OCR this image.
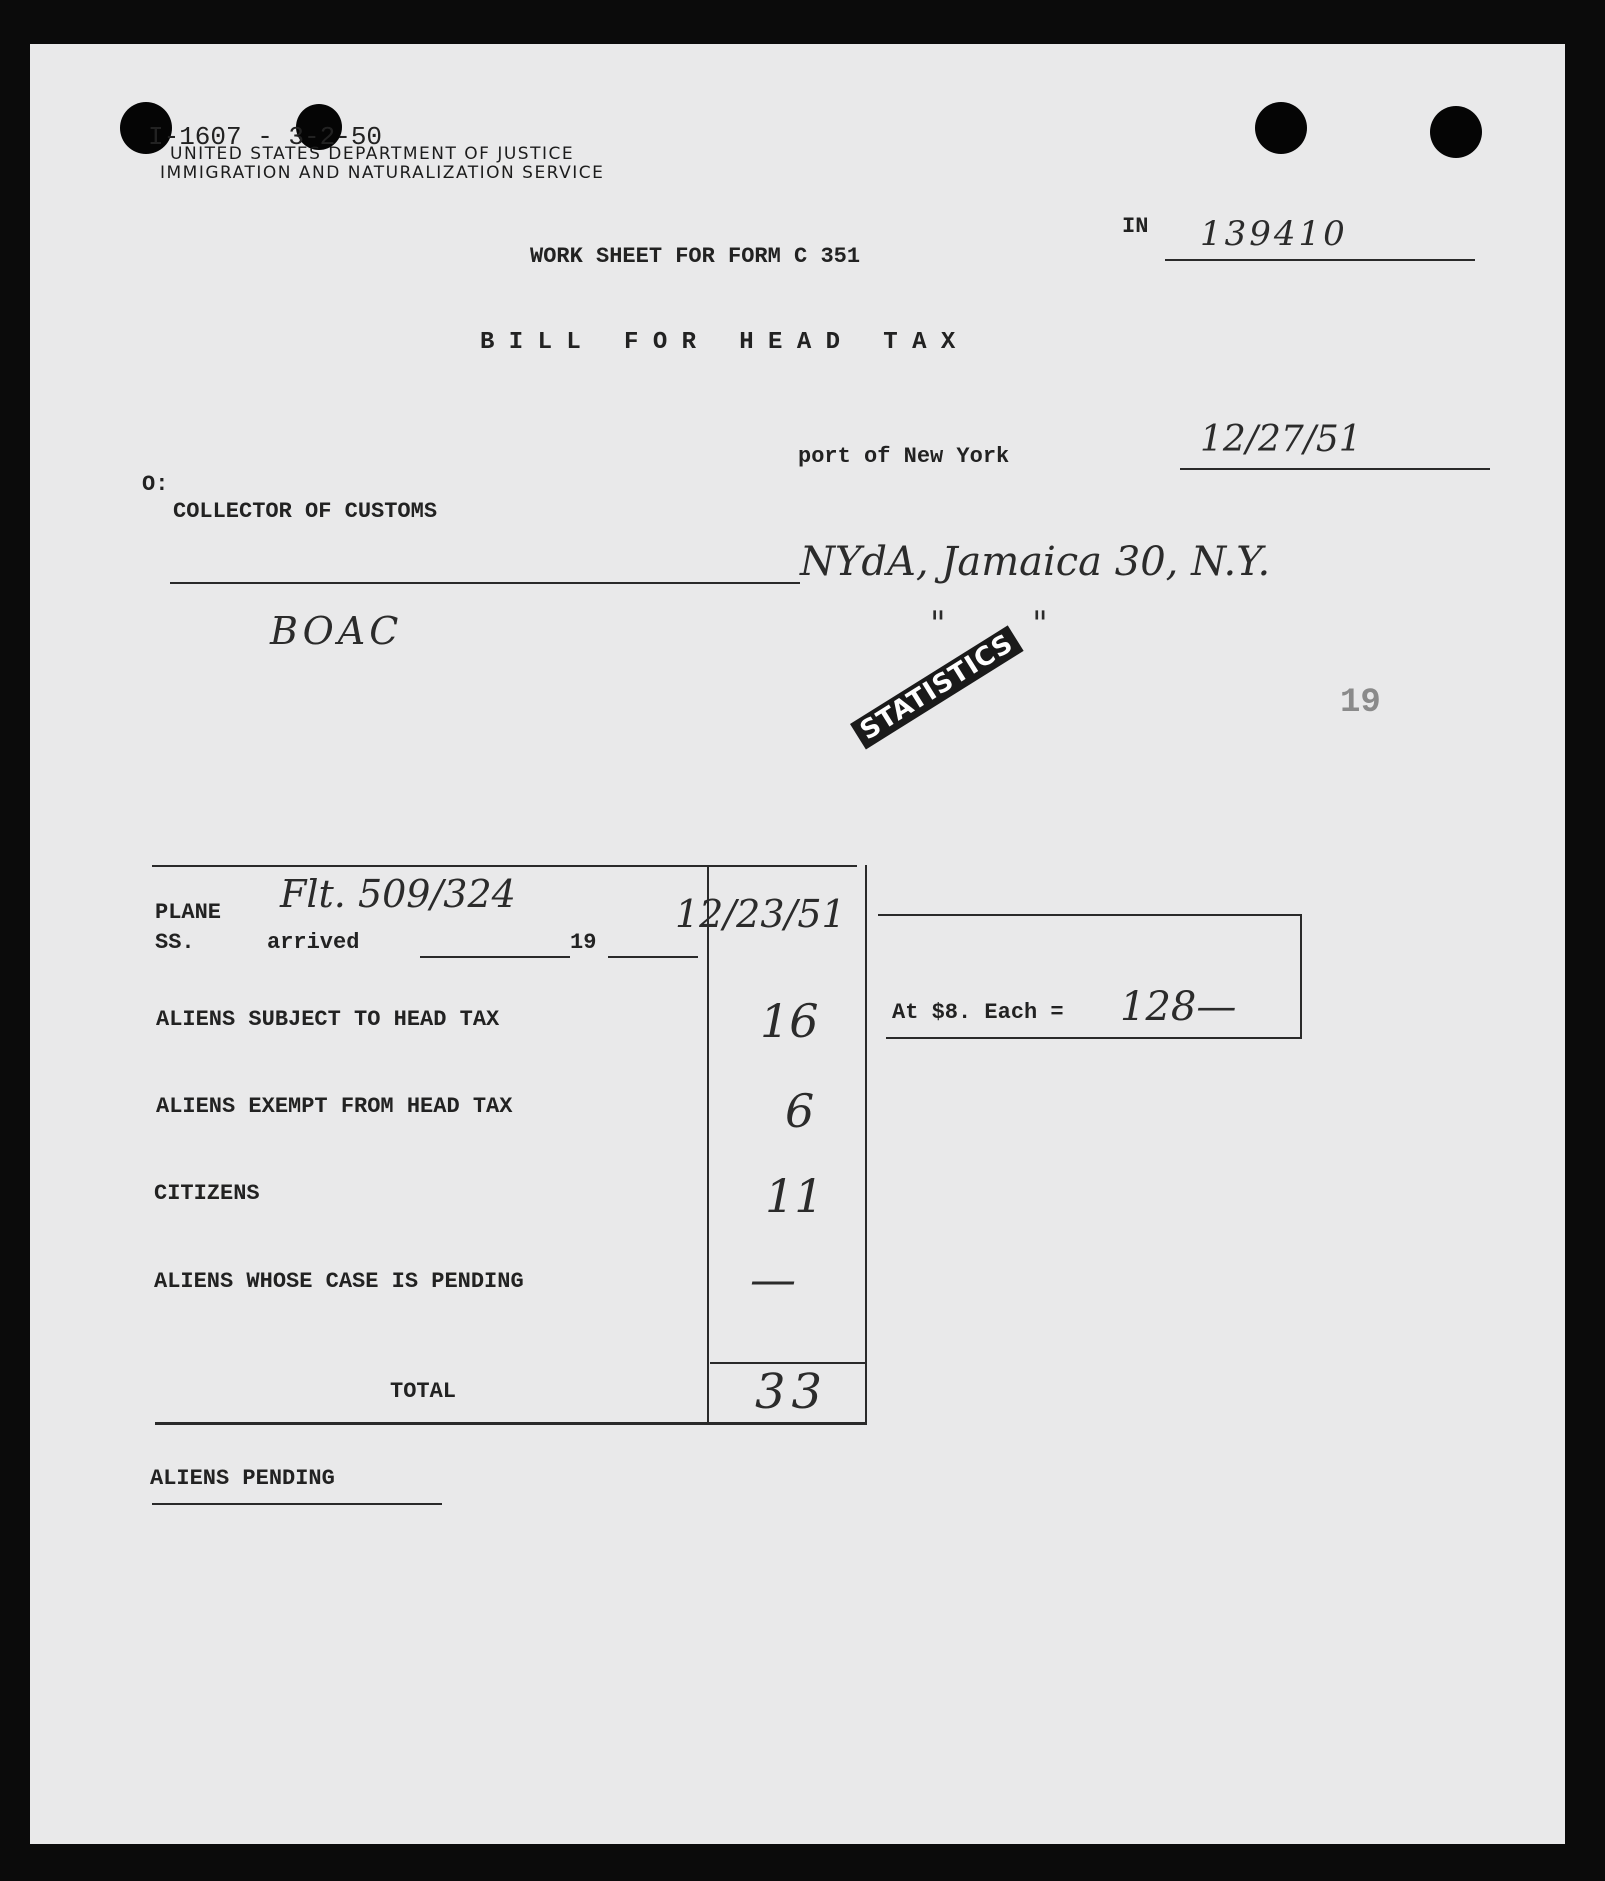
I-1607 - 3-2-50
UNITED STATES DEPARTMENT OF JUSTICE
IMMIGRATION AND NATURALIZATION SERVICE
IN 139410
WORK SHEET FOR FORM C 351
B I L L   F O R   H E A D   T A X
port of New York	12/27/51
O:
COLLECTOR OF CUSTOMS
NYdA, Jamaica 30, N.Y.
"        "
BOAC	STATISTICS	19
PLANE
SS.	arrived	19
Flt. 509/324	12/23/51
ALIENS SUBJECT TO HEAD TAX	16
ALIENS EXEMPT FROM HEAD TAX	6
CITIZENS	11
ALIENS WHOSE CASE IS PENDING	—
TOTAL	33
At $8. Each = 128—
ALIENS PENDING
